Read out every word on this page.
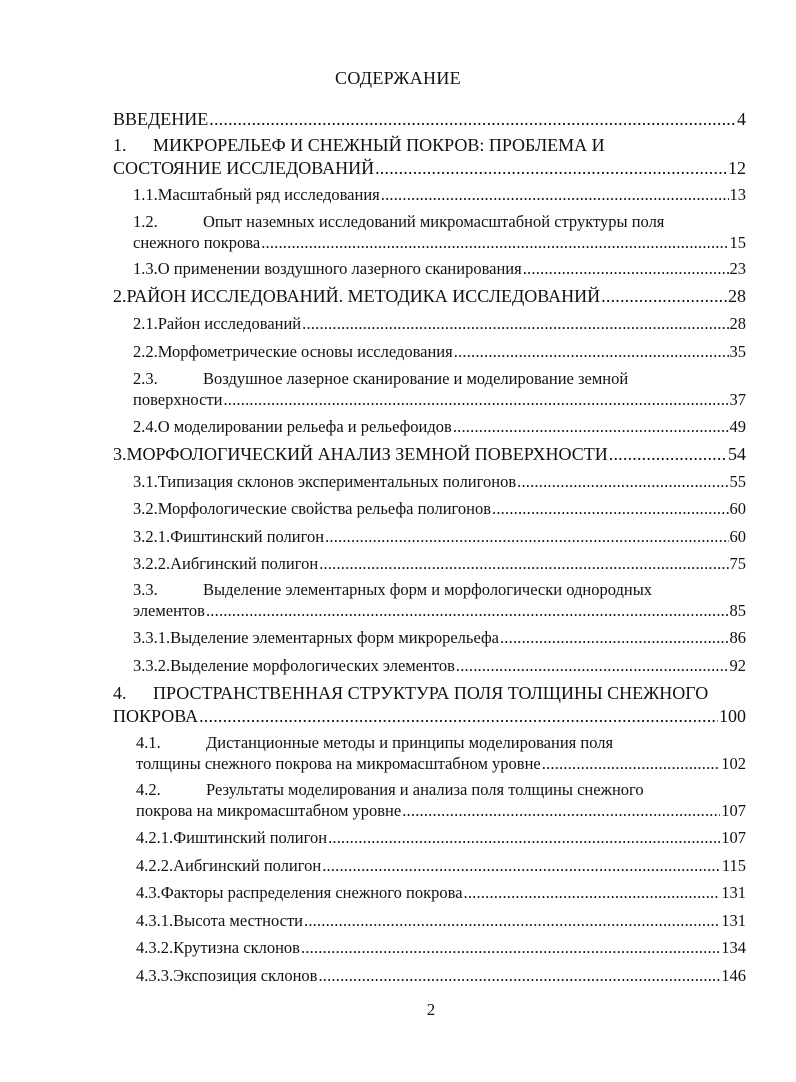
СОДЕРЖАНИЕ
ВВЕДЕНИЕ .....	4
1. МИКРОРЕЛЬЕФ И СНЕЖНЫЙ ПОКРОВ: ПРОБЛЕМА И
СОСТОЯНИЕ ИССЛЕДОВАНИЙ .....	12
1.1. Масштабный ряд исследования .....	13
1.2.	Опыт наземных исследований микромасштабной структуры поля
снежного покрова .....	15
1.3. О применении воздушного лазерного сканирования .....	23
2. РАЙОН ИССЛЕДОВАНИЙ. МЕТОДИКА ИССЛЕДОВАНИЙ .....	28
2.1. Район исследований .....	28
2.2. Морфометрические основы исследования .....	35
2.3.	Воздушное лазерное сканирование и моделирование земной
поверхности .....	37
2.4. О моделировании рельефа и рельефоидов .....	49
3. МОРФОЛОГИЧЕСКИЙ АНАЛИЗ ЗЕМНОЙ ПОВЕРХНОСТИ .....	54
3.1. Типизация склонов экспериментальных полигонов .....	55
3.2. Морфологические свойства рельефа полигонов .....	60
3.2.1. Фиштинский полигон .....	60
3.2.2. Аибгинский полигон .....	75
3.3.	Выделение элементарных форм и морфологически однородных
элементов .....	85
3.3.1. Выделение элементарных форм микрорельефа .....	86
3.3.2. Выделение морфологических элементов .....	92
4. ПРОСТРАНСТВЕННАЯ СТРУКТУРА ПОЛЯ ТОЛЩИНЫ СНЕЖНОГО
ПОКРОВА .....	100
4.1.	Дистанционные методы и принципы моделирования поля
толщины снежного покрова на микромасштабном уровне .....	102
4.2.	Результаты моделирования и анализа поля толщины снежного
покрова на микромасштабном уровне .....	107
4.2.1. Фиштинский полигон .....	107
4.2.2. Аибгинский полигон .....	115
4.3. Факторы распределения снежного покрова .....	131
4.3.1. Высота местности .....	131
4.3.2. Крутизна склонов .....	134
4.3.3. Экспозиция склонов .....	146
2
